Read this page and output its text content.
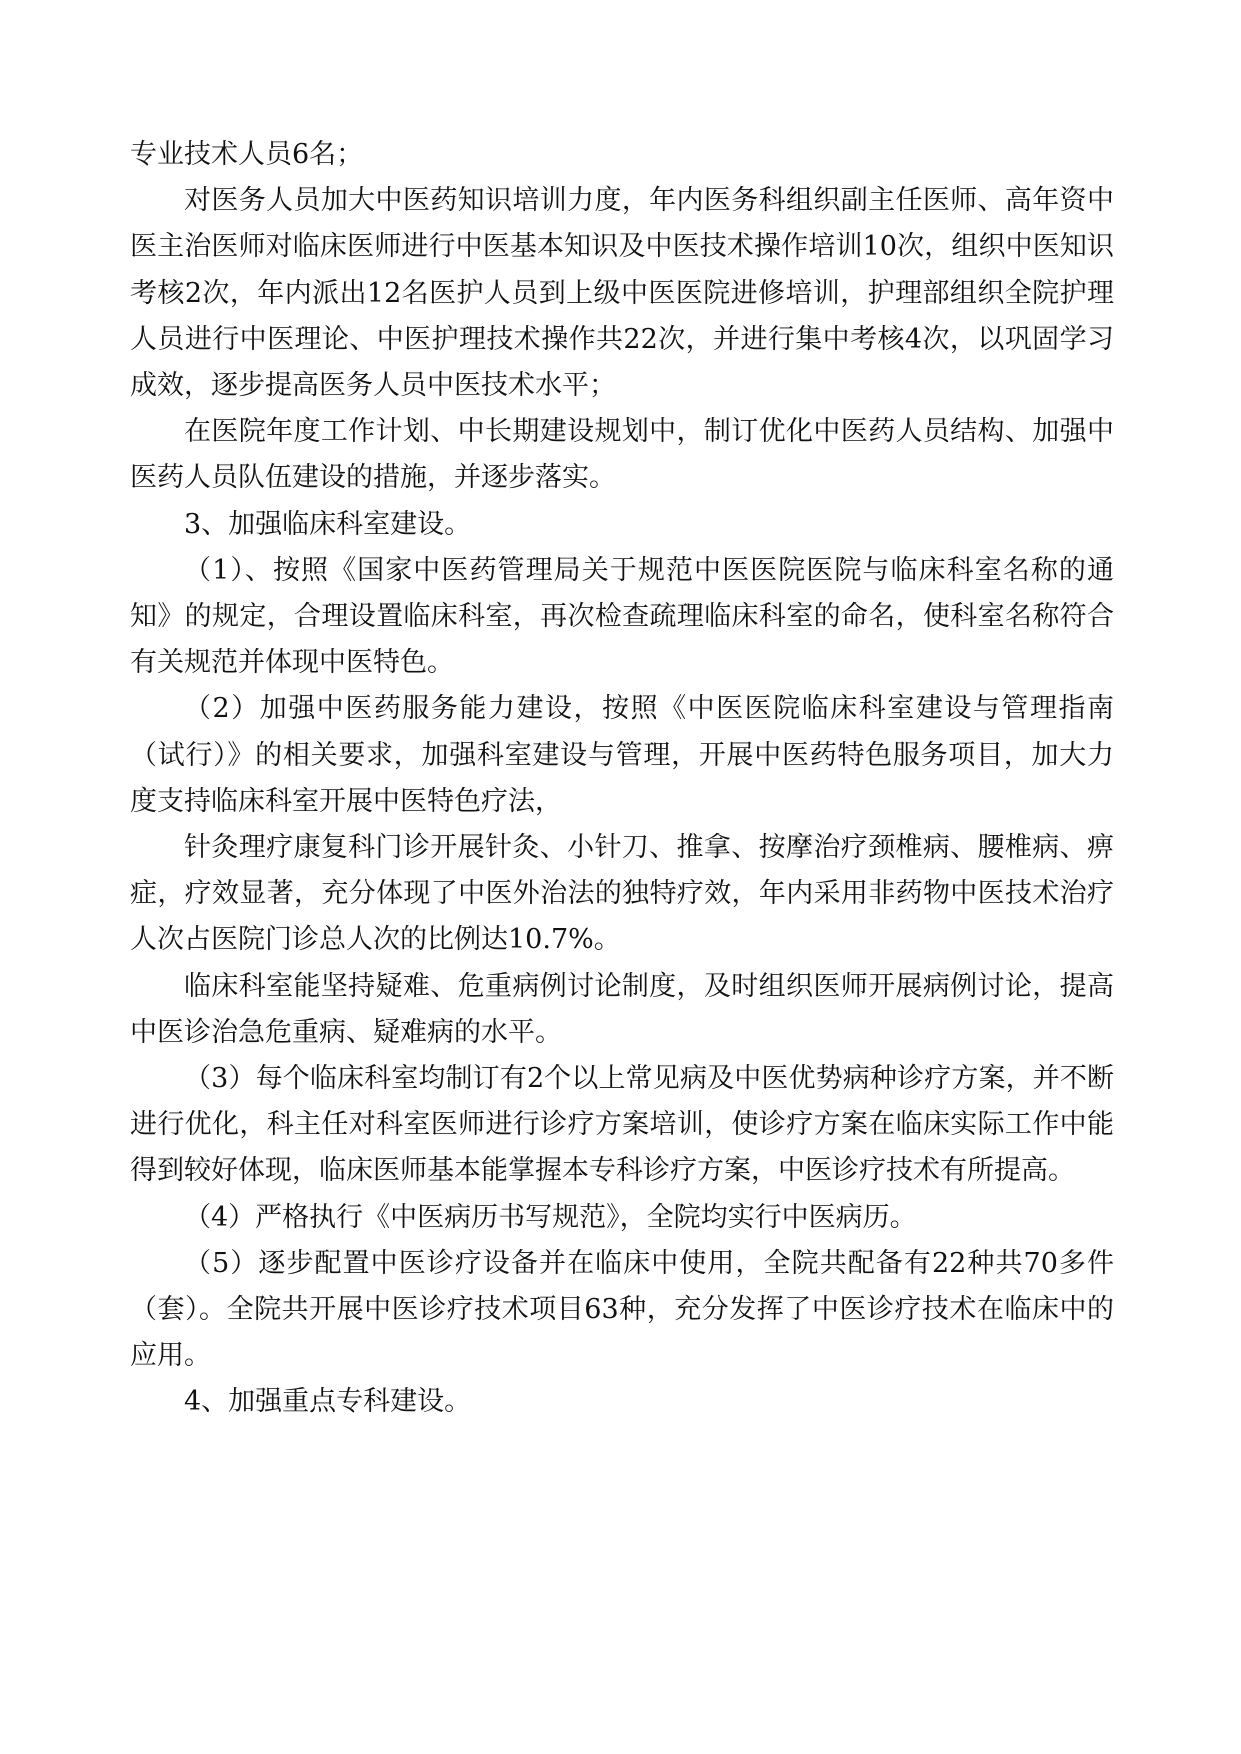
专业技术人员6名；

对医务人员加大中医药知识培训力度，年内医务科组织副主任医师、高年资中医主治医师对临床医师进行中医基本知识及中医技术操作培训10次，组织中医知识考核2次，年内派出12名医护人员到上级中医医院进修培训，护理部组织全院护理人员进行中医理论、中医护理技术操作共22次，并进行集中考核4次，以巩固学习成效，逐步提高医务人员中医技术水平；

在医院年度工作计划、中长期建设规划中，制订优化中医药人员结构、加强中医药人员队伍建设的措施，并逐步落实。

3、加强临床科室建设。

（1）、按照《国家中医药管理局关于规范中医医院医院与临床科室名称的通知》的规定，合理设置临床科室，再次检查疏理临床科室的命名，使科室名称符合有关规范并体现中医特色。

（2）加强中医药服务能力建设，按照《中医医院临床科室建设与管理指南（试行）》的相关要求，加强科室建设与管理，开展中医药特色服务项目，加大力度支持临床科室开展中医特色疗法，

针灸理疗康复科门诊开展针灸、小针刀、推拿、按摩治疗颈椎病、腰椎病、痹症，疗效显著，充分体现了中医外治法的独特疗效，年内采用非药物中医技术治疗人次占医院门诊总人次的比例达10.7%。

临床科室能坚持疑难、危重病例讨论制度，及时组织医师开展病例讨论，提高中医诊治急危重病、疑难病的水平。

（3）每个临床科室均制订有2个以上常见病及中医优势病种诊疗方案，并不断进行优化，科主任对科室医师进行诊疗方案培训，使诊疗方案在临床实际工作中能得到较好体现，临床医师基本能掌握本专科诊疗方案，中医诊疗技术有所提高。

（4）严格执行《中医病历书写规范》，全院均实行中医病历。

（5）逐步配置中医诊疗设备并在临床中使用，全院共配备有22种共70多件（套）。全院共开展中医诊疗技术项目63种，充分发挥了中医诊疗技术在临床中的应用。

4、加强重点专科建设。
